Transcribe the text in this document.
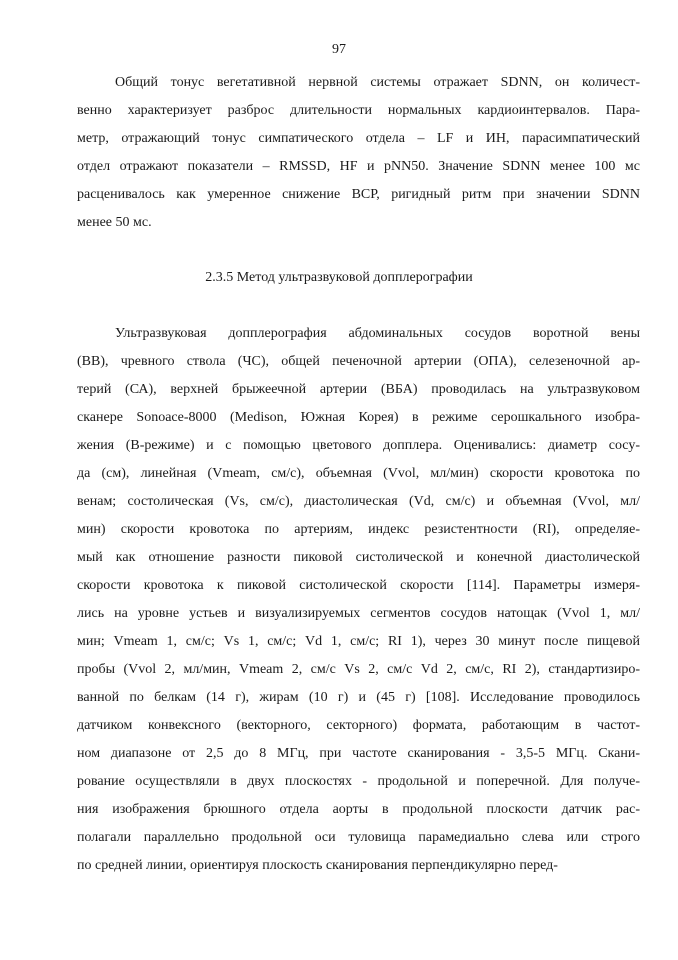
97
Общий тонус вегетативной нервной системы отражает SDNN, он количест-
венно характеризует разброс длительности нормальных кардиоинтервалов. Пара-
метр, отражающий тонус симпатического отдела – LF и ИН, парасимпатический
отдел отражают показатели – RMSSD, HF и pNN50. Значение SDNN менее 100 мс
расценивалось как умеренное снижение ВСР, ригидный ритм при значении SDNN
менее 50 мс.
2.3.5 Метод ультразвуковой допплерографии
Ультразвуковая допплерография абдоминальных сосудов воротной вены
(ВВ), чревного ствола (ЧС), общей печеночной артерии (ОПА), селезеночной ар-
терий (СА), верхней брыжеечной артерии (ВБА) проводилась на ультразвуковом
сканере Sonoace-8000 (Medison, Южная Корея) в режиме серошкального изобра-
жения (В-режиме) и с помощью цветового допплера. Оценивались: диаметр сосу-
да (см), линейная (Vmeam, см/с), объемная (Vvol, мл/мин) скорости кровотока по
венам; состолическая (Vs, см/с), диастолическая (Vd, см/с) и объемная (Vvol, мл/
мин) скорости кровотока по артериям, индекс резистентности (RI), определяе-
мый как отношение разности пиковой систолической и конечной диастолической
скорости кровотока к пиковой систолической скорости [114]. Параметры измеря-
лись на уровне устьев и визуализируемых сегментов сосудов натощак (Vvol 1, мл/
мин; Vmeam 1, см/с; Vs 1, см/с; Vd 1, см/с; RI 1), через 30 минут после пищевой
пробы (Vvol 2, мл/мин, Vmeam 2, см/с Vs 2, см/с Vd 2, см/с, RI 2), стандартизиро-
ванной по белкам (14 г), жирам (10 г) и (45 г) [108]. Исследование проводилось
датчиком конвексного (векторного, секторного) формата, работающим в частот-
ном диапазоне от 2,5 до 8 МГц, при частоте сканирования - 3,5-5 МГц. Скани-
рование осуществляли в двух плоскостях - продольной и поперечной. Для получе-
ния изображения брюшного отдела аорты в продольной плоскости датчик рас-
полагали параллельно продольной оси туловища парамедиально слева или строго
по средней линии, ориентируя плоскость сканирования перпендикулярно перед-
